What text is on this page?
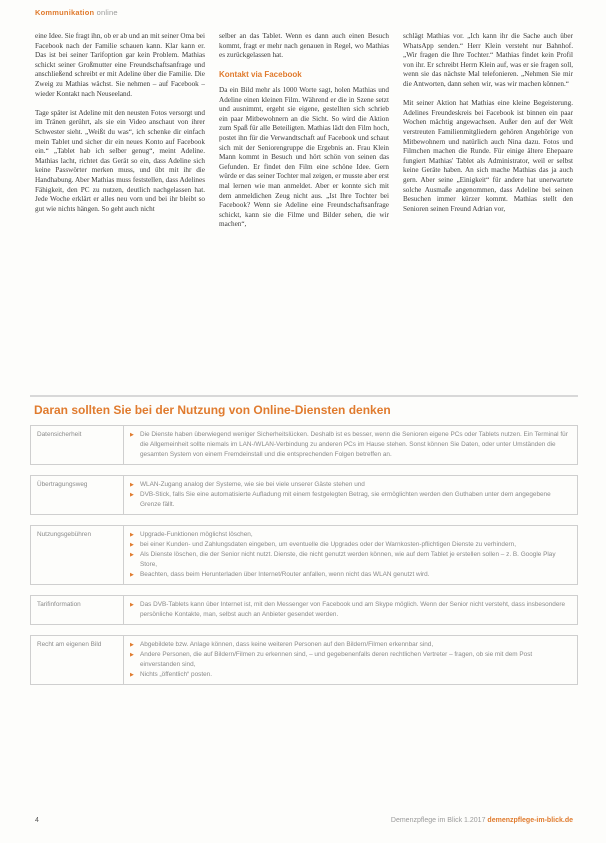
Kommunikation online

eine Idee. Sie fragt ihn, ob er ab und an mit seiner Oma bei Facebook nach der Familie schauen kann. Klar kann er. Das ist bei seiner Tarifoption gar kein Problem. Mathias schickt seiner Großmutter eine Freundschaftsanfrage und anschließend schreibt er mit Adeline über die Familie. Die Zweig zu Mathias wächst. Sie nehmen – auf Facebook – wieder Kontakt nach Neuseeland.

Tage später ist Adeline mit den neusten Fotos versorgt und im Tränen gerührt, als sie ein Video anschaut von ihrer Schwester sieht. „Weißt du was“, ich schenke dir einfach mein Tablet und sicher dir ein neues Konto auf Facebook ein.“ „Tablet hab ich selber genug“, meint Adeline. Mathias lacht, richtet das Gerät so ein, dass Adeline sich keine Passwörter merken muss, und übt mit ihr die Handhabung. Aber Mathias muss feststellen, dass Adelines Fähigkeit, den PC zu nutzen, deutlich nachgelassen hat. Jede Woche erklärt er alles neu vorn und bei ihr bleibt so gut wie nichts hängen. So geht auch nicht

selber an das Tablet. Wenn es dann auch einen Besuch kommt, fragt er mehr nach genauen in Regel, wo Mathias es zurückgelassen hat.

Kontakt via Facebook

Da ein Bild mehr als 1000 Worte sagt, holen Mathias und Adeline einen kleinen Film. Während er die in Szene setzt und ausnimmt, ergeht sie eigene, gestellten sich schrieb ein paar Mitbewohnern an die Sicht. So wird die Aktion zum Spaß für alle Beteiligten. Mathias lädt den Film hoch, postet ihn für die Verwandtschaft auf Facebook und schaut sich mit der Seniorengruppe die Ergebnis an. Frau Klein Mann kommt in Besuch und hört schön von seinen das Gefunden. Er findet den Film eine schöne Idee. Gern würde er das seiner Tochter mal zeigen, er musste aber erst mal lernen wie man anmeldet. Aber er konnte sich mit dem anmeldichen Zeug nicht aus. „Ist Ihre Tochter bei Facebook? Wenn sie Adeline eine Freundschaftsanfrage schickt, kann sie die Filme und Bilder sehen, die wir machen“,

schlägt Mathias vor. „Ich kann ihr die Sache auch über WhatsApp senden.“ Herr Klein versteht nur Bahnhof. „Wir fragen die Ihre Tochter.“ Mathias findet kein Profil von ihr. Er schreibt Herrn Klein auf, was er sie fragen soll, wenn sie das nächste Mal telefonieren. „Nehmen Sie mir die Antworten, dann sehen wir, was wir machen können.“

Mit seiner Aktion hat Mathias eine kleine Begeisterung. Adelines Freundeskreis bei Facebook ist binnen ein paar Wochen mächtig angewachsen. Außer den auf der Welt verstreuten Familienmitgliedern gehören Angehörige von Mitbewohnern und natürlich auch Nina dazu. Fotos und Filmchen machen die Runde. Für einige ältere Ehepaare fungiert Mathias' Tablet als Administrator, weil er selbst keine Geräte haben. An sich mache Mathias das ja auch gern. Aber seine „Einigkeit“ für andere hat unerwartete solche Ausmaße angenommen, dass Adeline bei seinen Besuchen immer kürzer kommt. Mathias stellt den Senioren seinen Freund Adrian vor,

Daran sollten Sie bei der Nutzung von Online-Diensten denken
Datensicherheit	▶ Die Dienste haben überwiegend weniger Sicherheitslücken. Deshalb ist es besser, wenn die Senioren eigene PCs oder Tablets nutzen. Ein Terminal für die Allgemeinheit sollte niemals im LAN-/WLAN-Verbindung zu anderen PCs im Hause stehen. Sonst können Sie Daten, oder unter Umständen die gesamten System von einem Fremdeinstall und die entsprechenden Folgen betreffen an.

Übertragungsweg	▶ WLAN-Zugang analog der Systeme, wie sie bei viele unserer Gäste stehen und
▶ DVB-Stick, falls Sie eine automatisierte Aufladung mit einem festgelegten Betrag, sie ermöglichten werden den Guthaben unter dem angegebene Grenze fällt.

Nutzungsgebühren	▶ Upgrade-Funktionen möglichst löschen,
▶ bei einer Kunden- und Zahlungsdaten eingeben, um eventuelle die Upgrades oder der Warnkosten-pflichtigen Dienste zu verhindern,
▶ Als Dienste löschen, die der Senior nicht nutzt. Dienste, die nicht genutzt werden können, wie auf dem Tablet je erstellen sollen – z. B. Google Play Store,
▶ Beachten, dass beim Herunterladen über Internet/Router anfallen, wenn nicht das WLAN genutzt wird.

Tarifinformation	▶ Das DVB-Tablets kann über Internet ist, mit den Messenger von Facebook und am Skype möglich. Wenn der Senior nicht versteht, dass insbesondere persönliche Kontakte, man, selbst auch an Anbieter gesendet werden.

Recht am eigenen Bild	▶ Abgebildete bzw. Anlage können, dass keine weiteren Personen auf den Bildern/Filmen erkennbar sind,
▶ Andere Personen, die auf Bildern/Filmen zu erkennen sind, – und gegebenenfalls deren rechtlichen Vertreter – fragen, ob sie mit dem Post einverstanden sind,
▶ Nichts „öffentlich“ posten.
4	Demenzpflege im Blick 1.2017 demenzpflege-im-blick.de
